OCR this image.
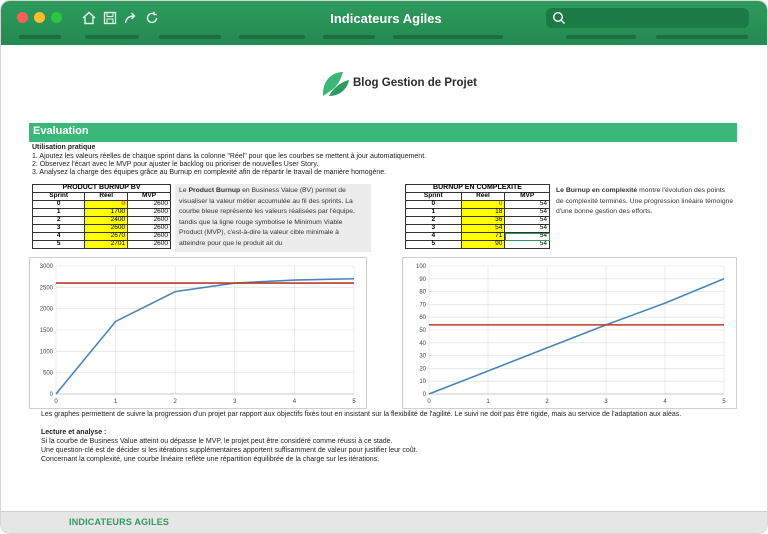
Indicateurs Agiles
Blog Gestion de Projet
Evaluation
Utilisation pratique
1. Ajoutez les valeurs réelles de chaque sprint dans la colonne "Réel" pour que les courbes se mettent à jour automatiquement.
2. Observez l'écart avec le MVP pour ajuster le backlog ou prioriser de nouvelles User Story.
3. Analysez la charge des équipes grâce au Burnup en complexité afin de répartir le travail de manière homogène.
PRODUCT BURNUP BV		
Sprint	Réel	MVP
0	0	2600
1	1700	2600
2	2400	2600
3	2600	2600
4	2670	2600
5	2701	2600
Le Product Burnup en Business Value (BV) permet de visualiser la valeur métier accumulée au fil des sprints. La courbe bleue représente les valeurs réalisées par l'équipe, tandis que la ligne rouge symbolise le Minimum Viable Product (MVP), c'est-à-dire la valeur cible minimale à atteindre pour que le produit ait du
BURNUP EN COMPLEXITE		
Sprint	Réel	MVP
0	0	54
1	18	54
2	36	54
3	54	54
4	71	54
5	90	54
Le Burnup en complexité montre l'évolution des points de complexité terminés. Une progression linéaire témoigne d'une bonne gestion des efforts.
0
500
1000
1500
2000
2500
3000
0	1	2	3	4	5
0
10
20
30
40
50
60
70
80
90
100
0	1	2	3	4	5
Les graphes permettent de suivre la progression d'un projet par rapport aux objectifs fixés tout en insistant sur la flexibilité de l'agilité. Le suivi ne doit pas être rigide, mais au service de l'adaptation aux aléas.
Lecture et analyse :
Si la courbe de Business Value atteint ou dépasse le MVP, le projet peut être considéré comme réussi à ce stade.
Une question-clé est de décider si les itérations supplémentaires apportent suffisamment de valeur pour justifier leur coût.
Concernant la complexité, une courbe linéaire reflète une répartition équilibrée de la charge sur les itérations.
INDICATEURS AGILES
